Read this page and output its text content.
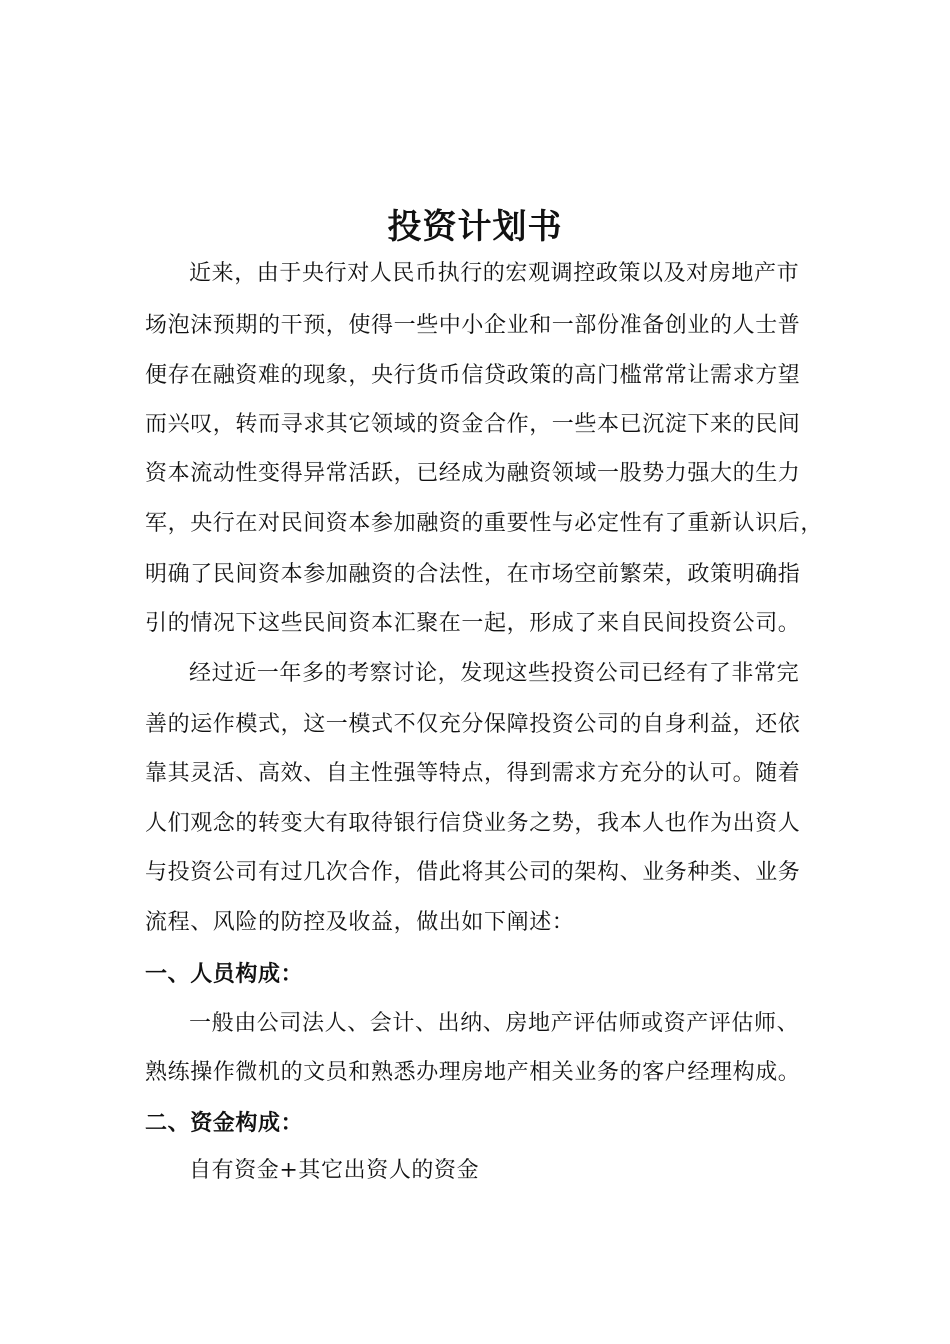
投资计划书
近来，由于央行对人民币执行的宏观调控政策以及对房地产市
场泡沫预期的干预，使得一些中小企业和一部份准备创业的人士普
便存在融资难的现象，央行货币信贷政策的高门槛常常让需求方望
而兴叹，转而寻求其它领域的资金合作，一些本已沉淀下来的民间
资本流动性变得异常活跃，已经成为融资领域一股势力强大的生力
军，央行在对民间资本参加融资的重要性与必定性有了重新认识后，
明确了民间资本参加融资的合法性，在市场空前繁荣，政策明确指
引的情况下这些民间资本汇聚在一起，形成了来自民间投资公司。
经过近一年多的考察讨论，发现这些投资公司已经有了非常完
善的运作模式，这一模式不仅充分保障投资公司的自身利益，还依
靠其灵活、高效、自主性强等特点，得到需求方充分的认可。随着
人们观念的转变大有取待银行信贷业务之势，我本人也作为出资人
与投资公司有过几次合作，借此将其公司的架构、业务种类、业务
流程、风险的防控及收益，做出如下阐述：
一、人员构成：
一般由公司法人、会计、出纳、房地产评估师或资产评估师、
熟练操作微机的文员和熟悉办理房地产相关业务的客户经理构成。
二、资金构成：
自有资金+其它出资人的资金
